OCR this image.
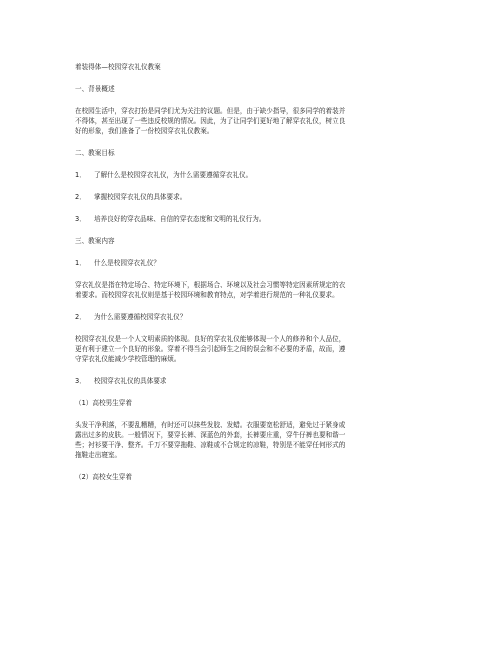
着装得体—校园穿衣礼仪教案

一、背景概述

在校园生活中，穿衣打扮是同学们尤为关注的议题。但是，由于缺少指导，很多同学的着装并

不得体，甚至出现了一些违反校规的情况。因此，为了让同学们更好地了解穿衣礼仪，树立良

好的形象，我们准备了一份校园穿衣礼仪教案。

二、教案目标

1． 了解什么是校园穿衣礼仪，为什么需要遵循穿衣礼仪。

2． 掌握校园穿衣礼仪的具体要求。

3． 培养良好的穿衣品味、自信的穿衣态度和文明的礼仪行为。

三、教案内容

1． 什么是校园穿衣礼仪？

穿衣礼仪是指在特定场合、特定环境下，根据场合、环境以及社会习惯等特定因素所规定的衣

着要求。而校园穿衣礼仪则是基于校园环境和教育特点，对学着进行规范的一种礼仪要求。

2． 为什么需要遵循校园穿衣礼仪？

校园穿衣礼仪是一个人文明素质的体现。良好的穿衣礼仪能够体现一个人的修养和个人品位，

更有利于建立一个良好的形象。穿着不得当会引起师生之间的误会和不必要的矛盾，故而，遵

守穿衣礼仪能减少学校管理的麻烦。

3． 校园穿衣礼仪的具体要求

（1）高校男生穿着

头发干净利落，不要乱糟糟，有时还可以抹些发胶、发蜡。衣服要宽松舒适，避免过于紧身或

露出过多的皮肤。一般情况下，要穿长裤、深蓝色的外套，长裤要庄重，穿牛仔裤也要和谐一

些；衬衫要干净、整齐。千万不要穿拖鞋、凉鞋或不合规定的凉鞋，特别是不能穿任何形式的

拖鞋走出寝室。

（2）高校女生穿着
